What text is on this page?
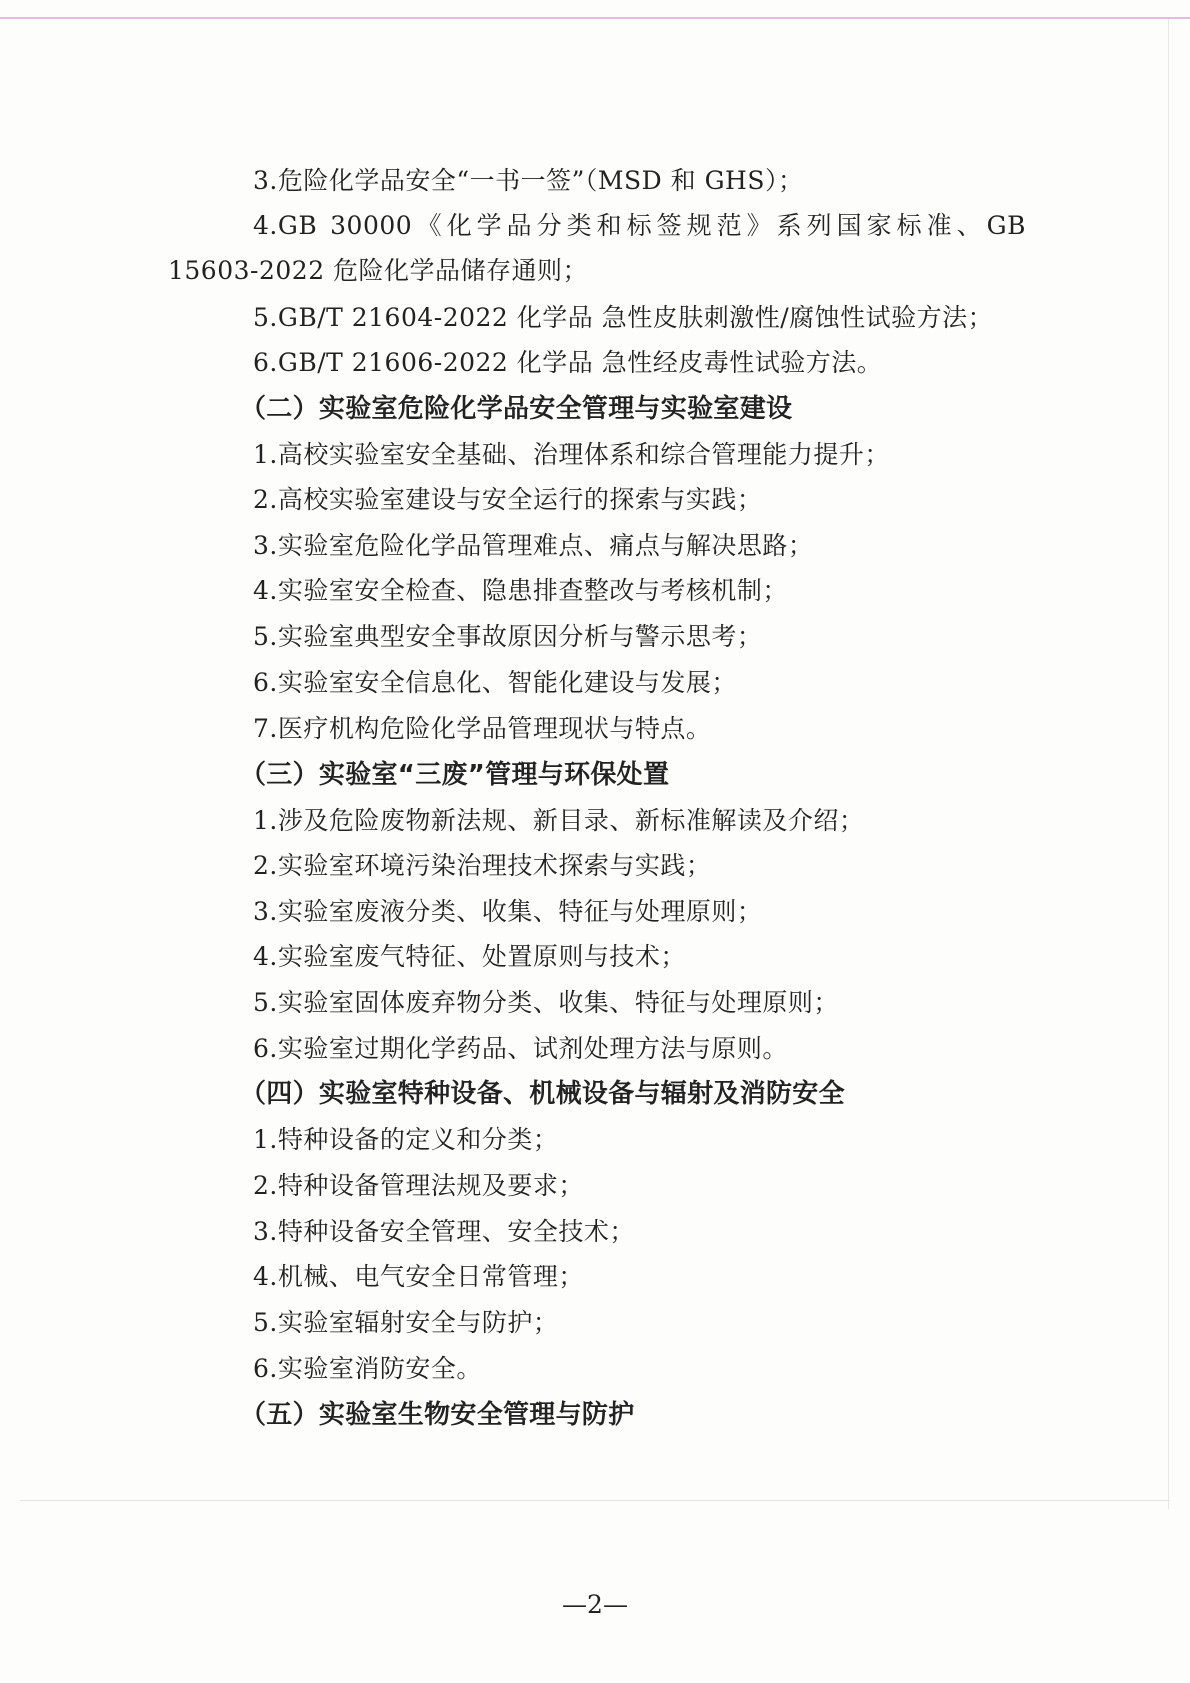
3.危险化学品安全“一书一签”（MSD 和 GHS）；
4.GB 30000《化学品分类和标签规范》系列国家标准、GB
15603-2022 危险化学品储存通则；
5.GB/T 21604-2022 化学品 急性皮肤刺激性/腐蚀性试验方法；
6.GB/T 21606-2022 化学品 急性经皮毒性试验方法。
（二）实验室危险化学品安全管理与实验室建设
1.高校实验室安全基础、治理体系和综合管理能力提升；
2.高校实验室建设与安全运行的探索与实践；
3.实验室危险化学品管理难点、痛点与解决思路；
4.实验室安全检查、隐患排查整改与考核机制；
5.实验室典型安全事故原因分析与警示思考；
6.实验室安全信息化、智能化建设与发展；
7.医疗机构危险化学品管理现状与特点。
（三）实验室“三废”管理与环保处置
1.涉及危险废物新法规、新目录、新标准解读及介绍；
2.实验室环境污染治理技术探索与实践；
3.实验室废液分类、收集、特征与处理原则；
4.实验室废气特征、处置原则与技术；
5.实验室固体废弃物分类、收集、特征与处理原则；
6.实验室过期化学药品、试剂处理方法与原则。
（四）实验室特种设备、机械设备与辐射及消防安全
1.特种设备的定义和分类；
2.特种设备管理法规及要求；
3.特种设备安全管理、安全技术；
4.机械、电气安全日常管理；
5.实验室辐射安全与防护；
6.实验室消防安全。
（五）实验室生物安全管理与防护
—2—
